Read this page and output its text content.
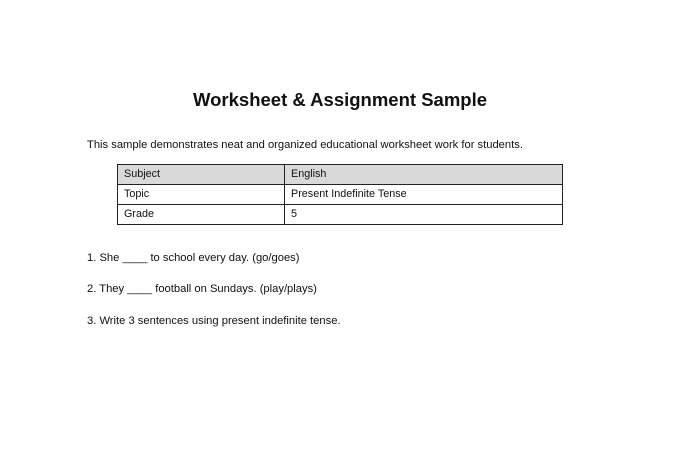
Worksheet & Assignment Sample

This sample demonstrates neat and organized educational worksheet work for students.

Subject	English
Topic	Present Indefinite Tense
Grade	5

1. She ____ to school every day. (go/goes)

2. They ____ football on Sundays. (play/plays)

3. Write 3 sentences using present indefinite tense.
